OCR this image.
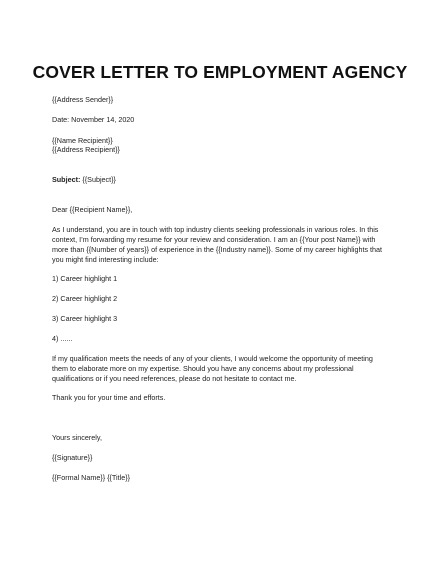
COVER LETTER TO EMPLOYMENT AGENCY
{{Address Sender}}
Date: November 14, 2020
{{Name Recipient}}
{{Address Recipient}}
Subject: {{Subject}}
Dear {{Recipient Name}},
As I understand, you are in touch with top industry clients seeking professionals in various roles. In this
context, I’m forwarding my resume for your review and consideration. I am an {{Your post Name}} with
more than {{Number of years}} of experience in the {{Industry name}}. Some of my career highlights that
you might find interesting include:
1) Career highlight 1
2) Career highlight 2
3) Career highlight 3
4) ......
If my qualification meets the needs of any of your clients, I would welcome the opportunity of meeting
them to elaborate more on my expertise. Should you have any concerns about my professional
qualifications or if you need references, please do not hesitate to contact me.
Thank you for your time and efforts.
Yours sincerely,
{{Signature}}
{{Formal Name}} {{Title}}
